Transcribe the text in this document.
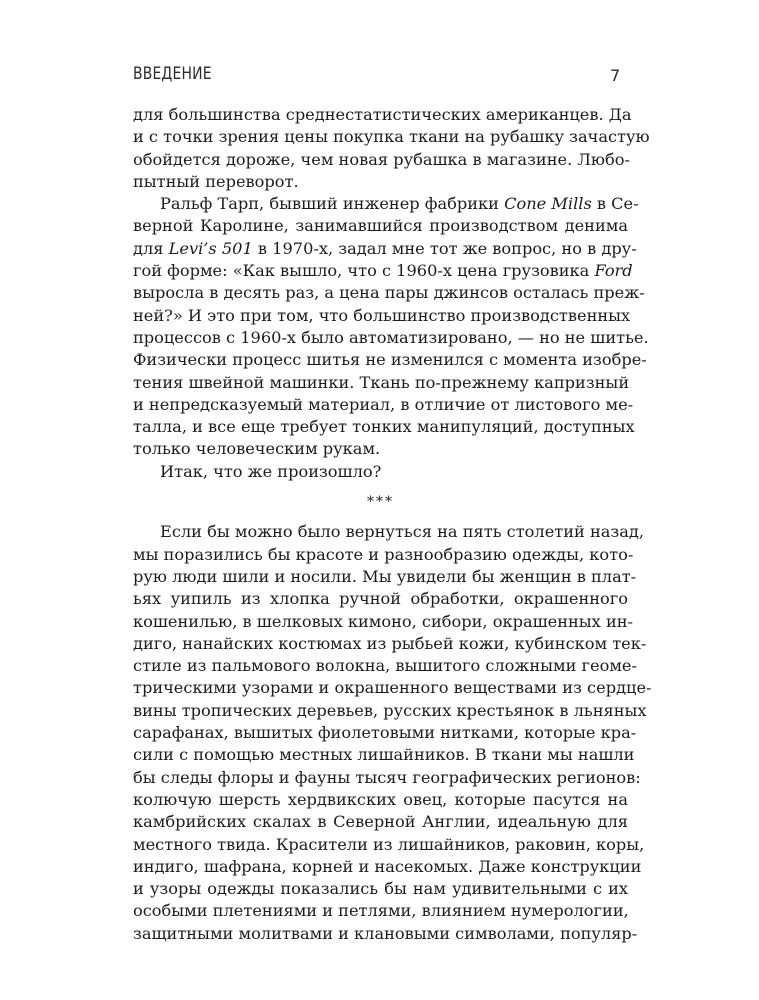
ВВЕДЕНИЕ	7
для большинства среднестатистических американцев. Да
и с точки зрения цены покупка ткани на рубашку зачастую
обойдется дороже, чем новая рубашка в магазине. Любо-
пытный переворот.
Ральф Тарп, бывший инженер фабрики Cone Mills в Се-
верной Каролине, занимавшийся производством денима
для Levi’s 501 в 1970-х, задал мне тот же вопрос, но в дру-
гой форме: «Как вышло, что с 1960-х цена грузовика Ford
выросла в десять раз, а цена пары джинсов осталась преж-
ней?» И это при том, что большинство производственных
процессов с 1960-х было автоматизировано, — но не шитье.
Физически процесс шитья не изменился с момента изобре-
тения швейной машинки. Ткань по-прежнему капризный
и непредсказуемый материал, в отличие от листового ме-
талла, и все еще требует тонких манипуляций, доступных
только человеческим рукам.
Итак, что же произошло?
***
Если бы можно было вернуться на пять столетий назад,
мы поразились бы красоте и разнообразию одежды, кото-
рую люди шили и носили. Мы увидели бы женщин в плат-
ьях уипиль из хлопка ручной обработки, окрашенного
кошенилью, в шелковых кимоно, сибори, окрашенных ин-
диго, нанайских костюмах из рыбьей кожи, кубинском тек-
стиле из пальмового волокна, вышитого сложными геоме-
трическими узорами и окрашенного веществами из сердце-
вины тропических деревьев, русских крестьянок в льняных
сарафанах, вышитых фиолетовыми нитками, которые кра-
сили с помощью местных лишайников. В ткани мы нашли
бы следы флоры и фауны тысяч географических регионов:
колючую шерсть хердвикских овец, которые пасутся на
камбрийских скалах в Северной Англии, идеальную для
местного твида. Красители из лишайников, раковин, коры,
индиго, шафрана, корней и насекомых. Даже конструкции
и узоры одежды показались бы нам удивительными с их
особыми плетениями и петлями, влиянием нумерологии,
защитными молитвами и клановыми символами, популяр-
